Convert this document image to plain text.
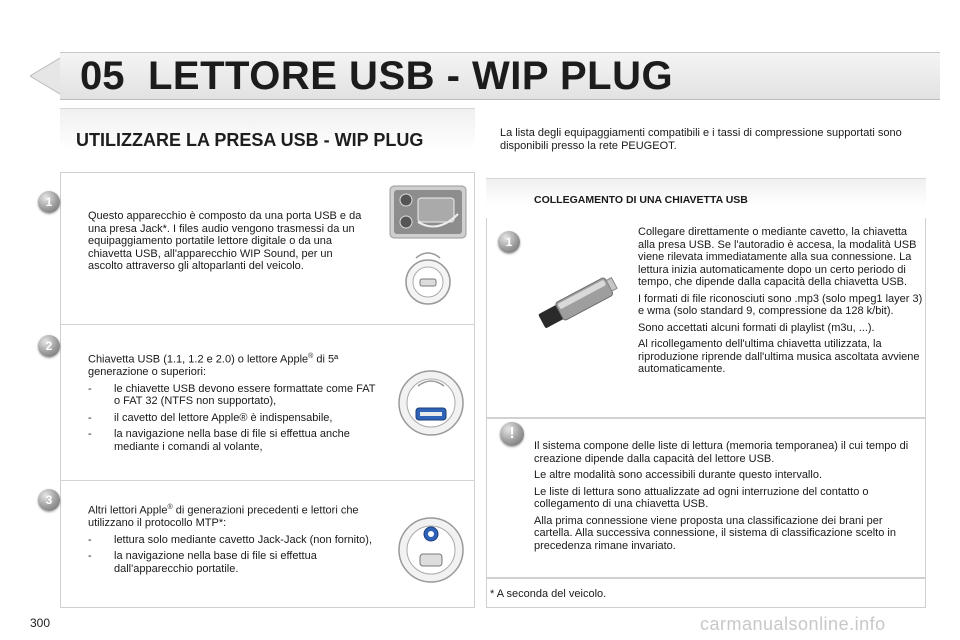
05 LETTORE USB - WIP PLUG
UTILIZZARE LA PRESA USB - WIP PLUG
1

Questo apparecchio è composto da una porta USB e da una presa Jack*. I files audio vengono trasmessi da un equipaggiamento portatile lettore digitale o da una chiavetta USB, all'apparecchio WIP Sound, per un ascolto attraverso gli altoparlanti del veicolo.

2

Chiavetta USB (1.1, 1.2 e 2.0) o lettore Apple® di 5ª generazione o superiori:

-	le chiavette USB devono essere formattate come FAT o FAT 32 (NTFS non supportato),
-	il cavetto del lettore Apple® è indispensabile,
-	la navigazione nella base di file si effettua anche mediante i comandi al volante,
3

Altri lettori Apple® di generazioni precedenti e lettori che utilizzano il protocollo MTP*:

-	lettura solo mediante cavetto Jack-Jack (non fornito),
-	la navigazione nella base di file si effettua dall'apparecchio portatile.
La lista degli equipaggiamenti compatibili e i tassi di compressione supportati sono disponibili presso la rete PEUGEOT.
COLLEGAMENTO DI UNA CHIAVETTA USB
1

Collegare direttamente o mediante cavetto, la chiavetta alla presa USB. Se l'autoradio è accesa, la modalità USB viene rilevata immediatamente alla sua connessione. La lettura inizia automaticamente dopo un certo periodo di tempo, che dipende dalla capacità della chiavetta USB.

I formati di file riconosciuti sono .mp3 (solo mpeg1 layer 3) e wma (solo standard 9, compressione da 128 k/bit).

Sono accettati alcuni formati di playlist (m3u, ...).

Al ricollegamento dell'ultima chiavetta utilizzata, la riproduzione riprende dall'ultima musica ascoltata avviene automaticamente.

!

Il sistema compone delle liste di lettura (memoria temporanea) il cui tempo di creazione dipende dalla capacità del lettore USB.

Le altre modalità sono accessibili durante questo intervallo.

Le liste di lettura sono attualizzate ad ogni interruzione del contatto o collegamento di una chiavetta USB.

Alla prima connessione viene proposta una classificazione dei brani per cartella. Alla successiva connessione, il sistema di classificazione scelto in precedenza rimane invariato.

* A seconda del veicolo.
300	carmanualsonline.info
